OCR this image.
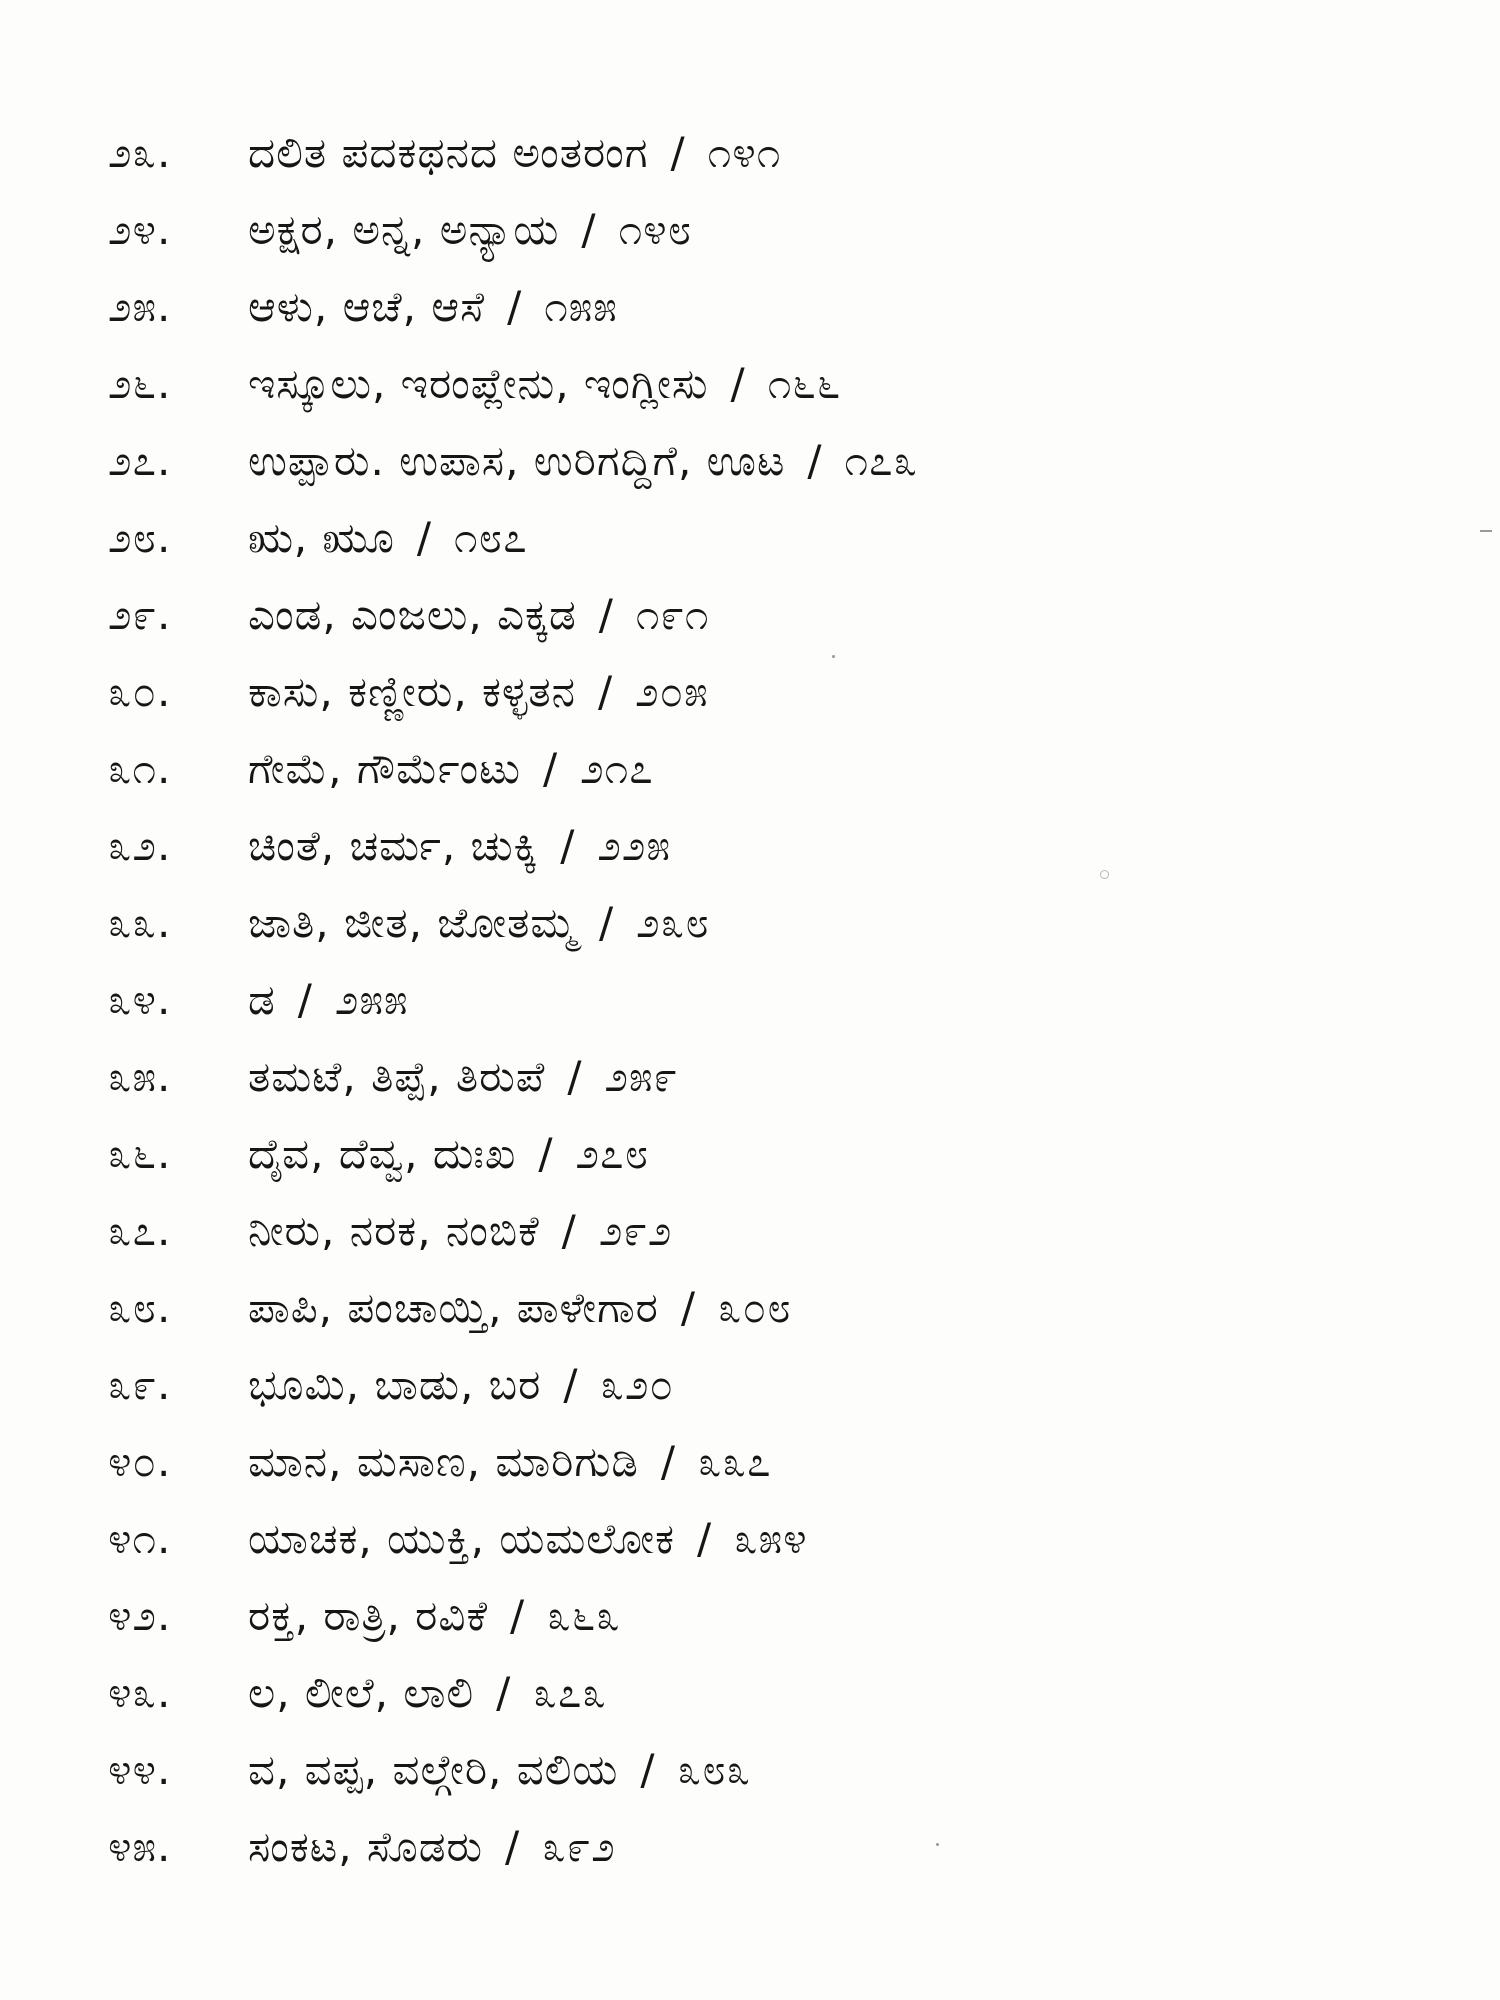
೨೩.	ದಲಿತ ಪದಕಥನದ ಅಂತರಂಗ / ೧೪೧
೨೪.	ಅಕ್ಷರ, ಅನ್ನ, ಅನ್ಯಾಯ / ೧೪೮
೨೫.	ಆಳು, ಆಚೆ, ಆಸೆ / ೧೫೫
೨೬.	ಇಸ್ಕೂಲು, ಇರಂಪ್ಲೇನು, ಇಂಗ್ಲೀಸು / ೧೬೬
೨೭.	ಉಪ್ಪಾರು. ಉಪಾಸ, ಉರಿಗದ್ದಿಗೆ, ಊಟ / ೧೭೩
೨೮.	ಋ, ಋೂ / ೧೮೭
೨೯.	ಎಂಡ, ಎಂಜಲು, ಎಕ್ಕಡ / ೧೯೧
೩೦.	ಕಾಸು, ಕಣ್ಣೀರು, ಕಳ್ಳತನ / ೨೦೫
೩೧.	ಗೇಮೆ, ಗೌರ್ಮೆಂಟು / ೨೧೭
೩೨.	ಚಿಂತೆ, ಚರ್ಮ, ಚುಕ್ಕಿ / ೨೨೫
೩೩.	ಜಾತಿ, ಜೀತ, ಜೋತಮ್ಮ / ೨೩೮
೩೪.	ಡ / ೨೫೫
೩೫.	ತಮಟೆ, ತಿಪ್ಪೆ, ತಿರುಪೆ / ೨೫೯
೩೬.	ದೈವ, ದೆವ್ವ, ದುಃಖ / ೨೭೮
೩೭.	ನೀರು, ನರಕ, ನಂಬಿಕೆ / ೨೯೨
೩೮.	ಪಾಪಿ, ಪಂಚಾಯ್ತಿ, ಪಾಳೇಗಾರ / ೩೦೮
೩೯.	ಭೂಮಿ, ಬಾಡು, ಬರ / ೩೨೦
೪೦.	ಮಾನ, ಮಸಾಣ, ಮಾರಿಗುಡಿ / ೩೩೭
೪೧.	ಯಾಚಕ, ಯುಕ್ತಿ, ಯಮಲೋಕ / ೩೫೪
೪೨.	ರಕ್ತ, ರಾತ್ರಿ, ರವಿಕೆ / ೩೬೩
೪೩.	ಲ, ಲೀಲೆ, ಲಾಲಿ / ೩೭೩
೪೪.	ವ, ವಪ್ಪ, ವಲ್ಗೇರಿ, ವಲಿಯ / ೩೮೩
೪೫.	ಸಂಕಟ, ಸೊಡರು / ೩೯೨
